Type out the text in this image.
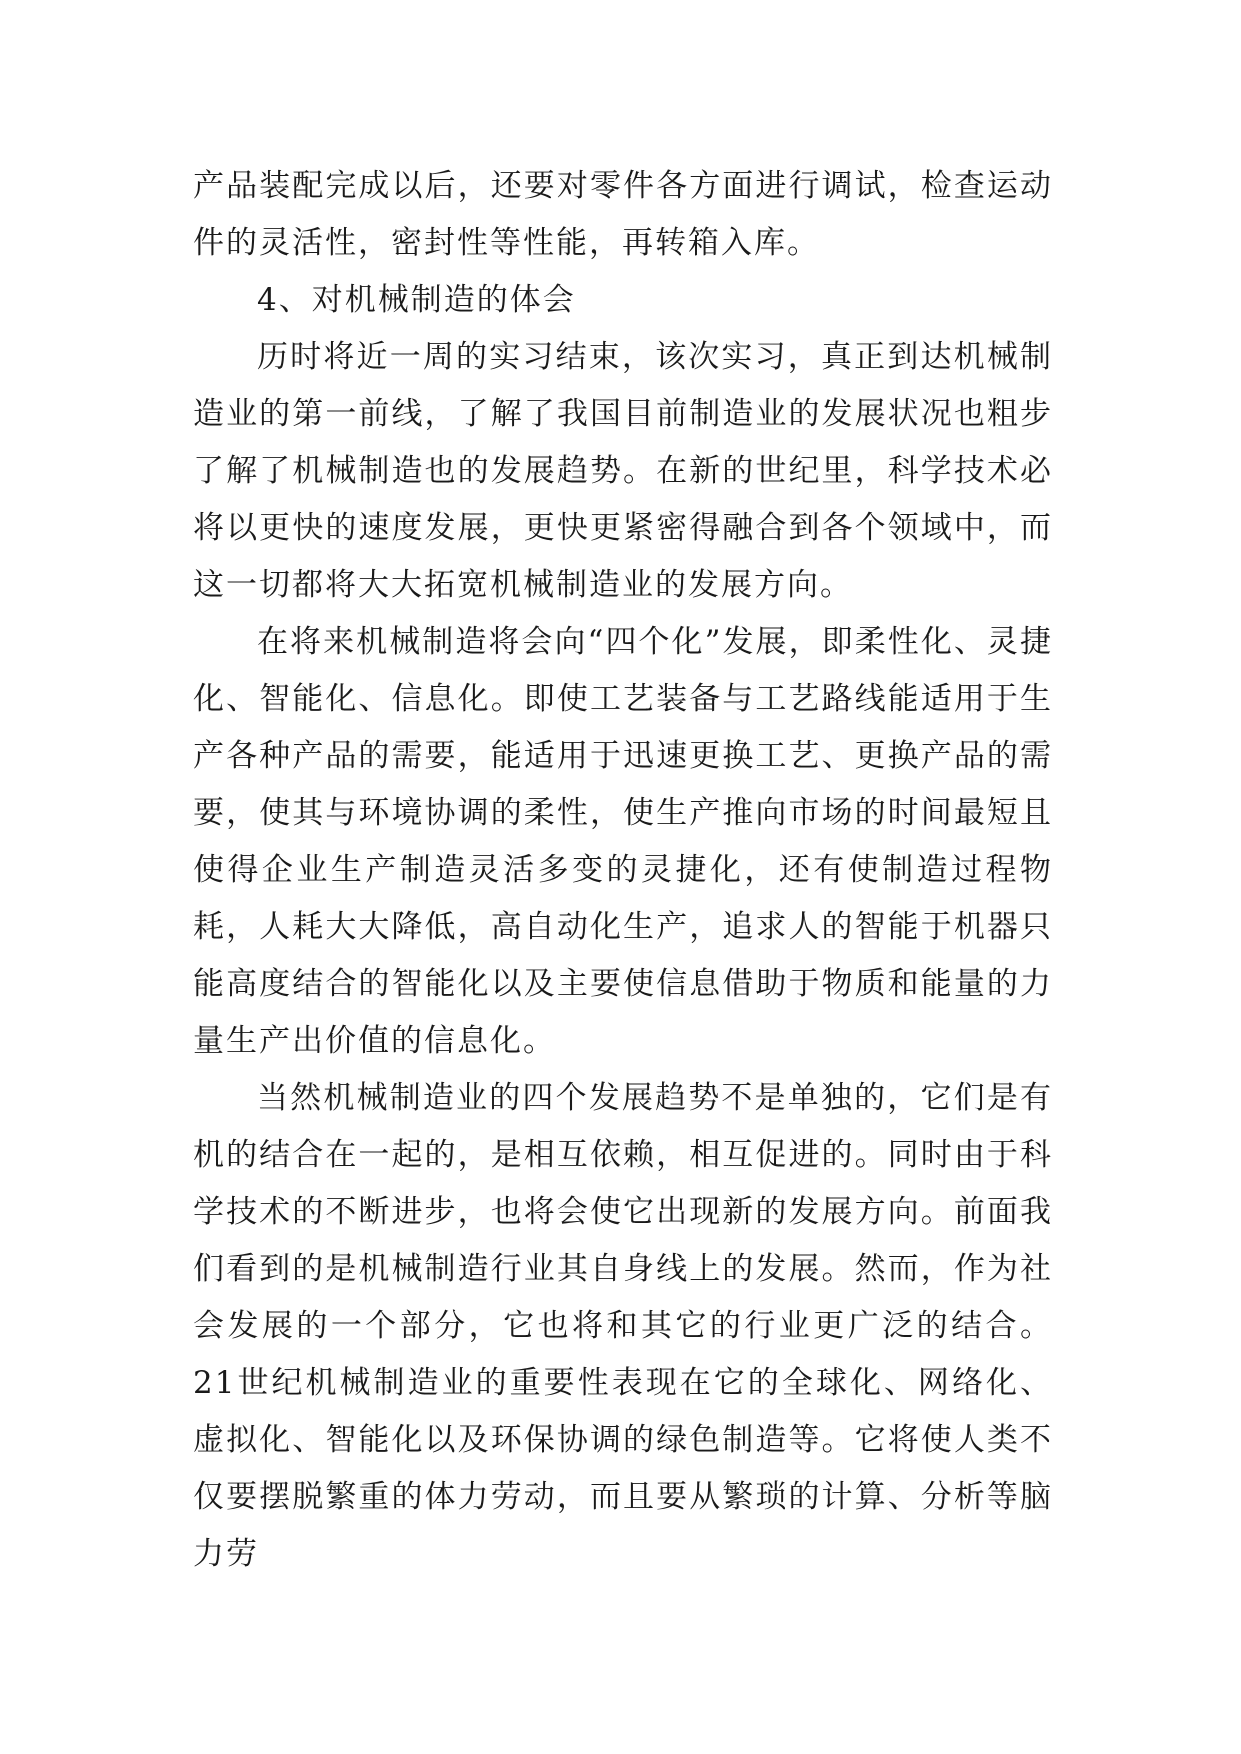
产品装配完成以后，还要对零件各方面进行调试，检查运动件的灵活性，密封性等性能，再转箱入库。

4、对机械制造的体会

历时将近一周的实习结束，该次实习，真正到达机械制造业的第一前线，了解了我国目前制造业的发展状况也粗步了解了机械制造也的发展趋势。在新的世纪里，科学技术必将以更快的速度发展，更快更紧密得融合到各个领域中，而这一切都将大大拓宽机械制造业的发展方向。

在将来机械制造将会向“四个化”发展，即柔性化、灵捷化、智能化、信息化。即使工艺装备与工艺路线能适用于生产各种产品的需要，能适用于迅速更换工艺、更换产品的需要，使其与环境协调的柔性，使生产推向市场的时间最短且使得企业生产制造灵活多变的灵捷化，还有使制造过程物耗，人耗大大降低，高自动化生产，追求人的智能于机器只能高度结合的智能化以及主要使信息借助于物质和能量的力量生产出价值的信息化。

当然机械制造业的四个发展趋势不是单独的，它们是有机的结合在一起的，是相互依赖，相互促进的。同时由于科学技术的不断进步，也将会使它出现新的发展方向。前面我们看到的是机械制造行业其自身线上的发展。然而，作为社会发展的一个部分，它也将和其它的行业更广泛的结合。21世纪机械制造业的重要性表现在它的全球化、网络化、虚拟化、智能化以及环保协调的绿色制造等。它将使人类不仅要摆脱繁重的体力劳动，而且要从繁琐的计算、分析等脑力劳
